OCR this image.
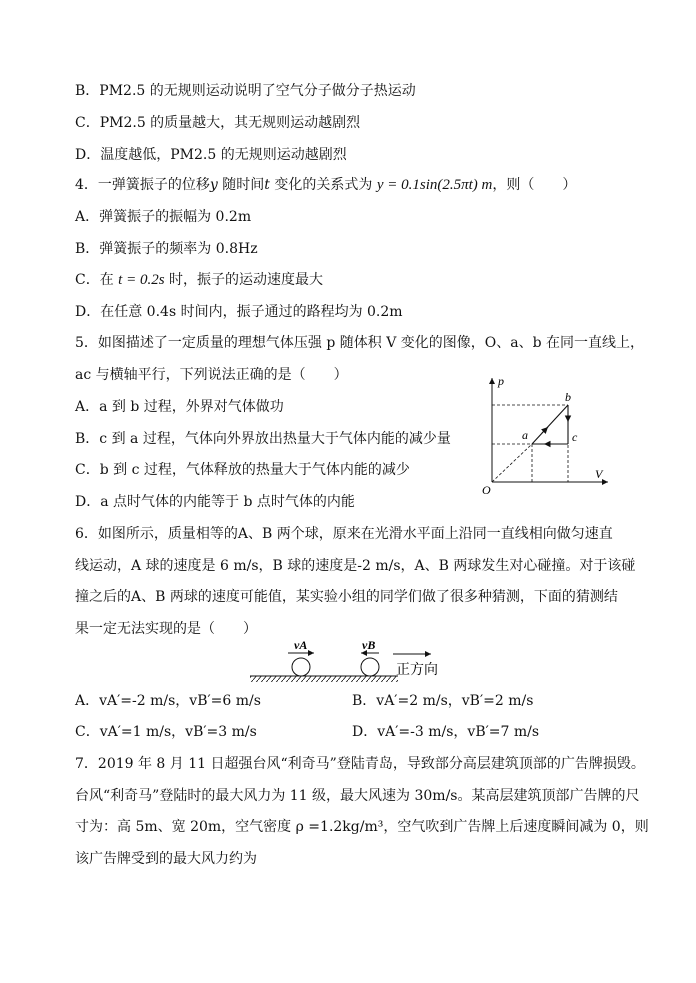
B．PM2.5 的无规则运动说明了空气分子做分子热运动
C．PM2.5 的质量越大，其无规则运动越剧烈
D．温度越低，PM2.5 的无规则运动越剧烈
4．一弹簧振子的位移y 随时间t 变化的关系式为 y = 0.1sin(2.5πt) m，则（　　）
A．弹簧振子的振幅为 0.2m
B．弹簧振子的频率为 0.8Hz
C．在 t = 0.2s 时，振子的运动速度最大
D．在任意 0.4s 时间内，振子通过的路程均为 0.2m
5．如图描述了一定质量的理想气体压强 p 随体积 V 变化的图像，O、a、b 在同一直线上，
ac 与横轴平行，下列说法正确的是（　　）
A．a 到 b 过程，外界对气体做功
B．c 到 a 过程，气体向外界放出热量大于气体内能的减少量
C．b 到 c 过程，气体释放的热量大于气体内能的减少
D．a 点时气体的内能等于 b 点时气体的内能
p
V
O
a
b
c
6．如图所示，质量相等的A、B 两个球，原来在光滑水平面上沿同一直线相向做匀速直
线运动，A 球的速度是 6 m/s，B 球的速度是-2 m/s，A、B 两球发生对心碰撞。对于该碰
撞之后的A、B 两球的速度可能值，某实验小组的同学们做了很多种猜测，下面的猜测结
果一定无法实现的是（　　）
vA	vB
正方向
A．vA′=-2 m/s，vB′=6 m/s	B．vA′=2 m/s，vB′=2 m/s
C．vA′=1 m/s，vB′=3 m/s	D．vA′=-3 m/s，vB′=7 m/s
7．2019 年 8 月 11 日超强台风“利奇马”登陆青岛，导致部分高层建筑顶部的广告牌损毁。
台风“利奇马”登陆时的最大风力为 11 级，最大风速为 30m/s。某高层建筑顶部广告牌的尺
寸为：高 5m、宽 20m，空气密度 ρ =1.2kg/m³，空气吹到广告牌上后速度瞬间减为 0，则
该广告牌受到的最大风力约为
